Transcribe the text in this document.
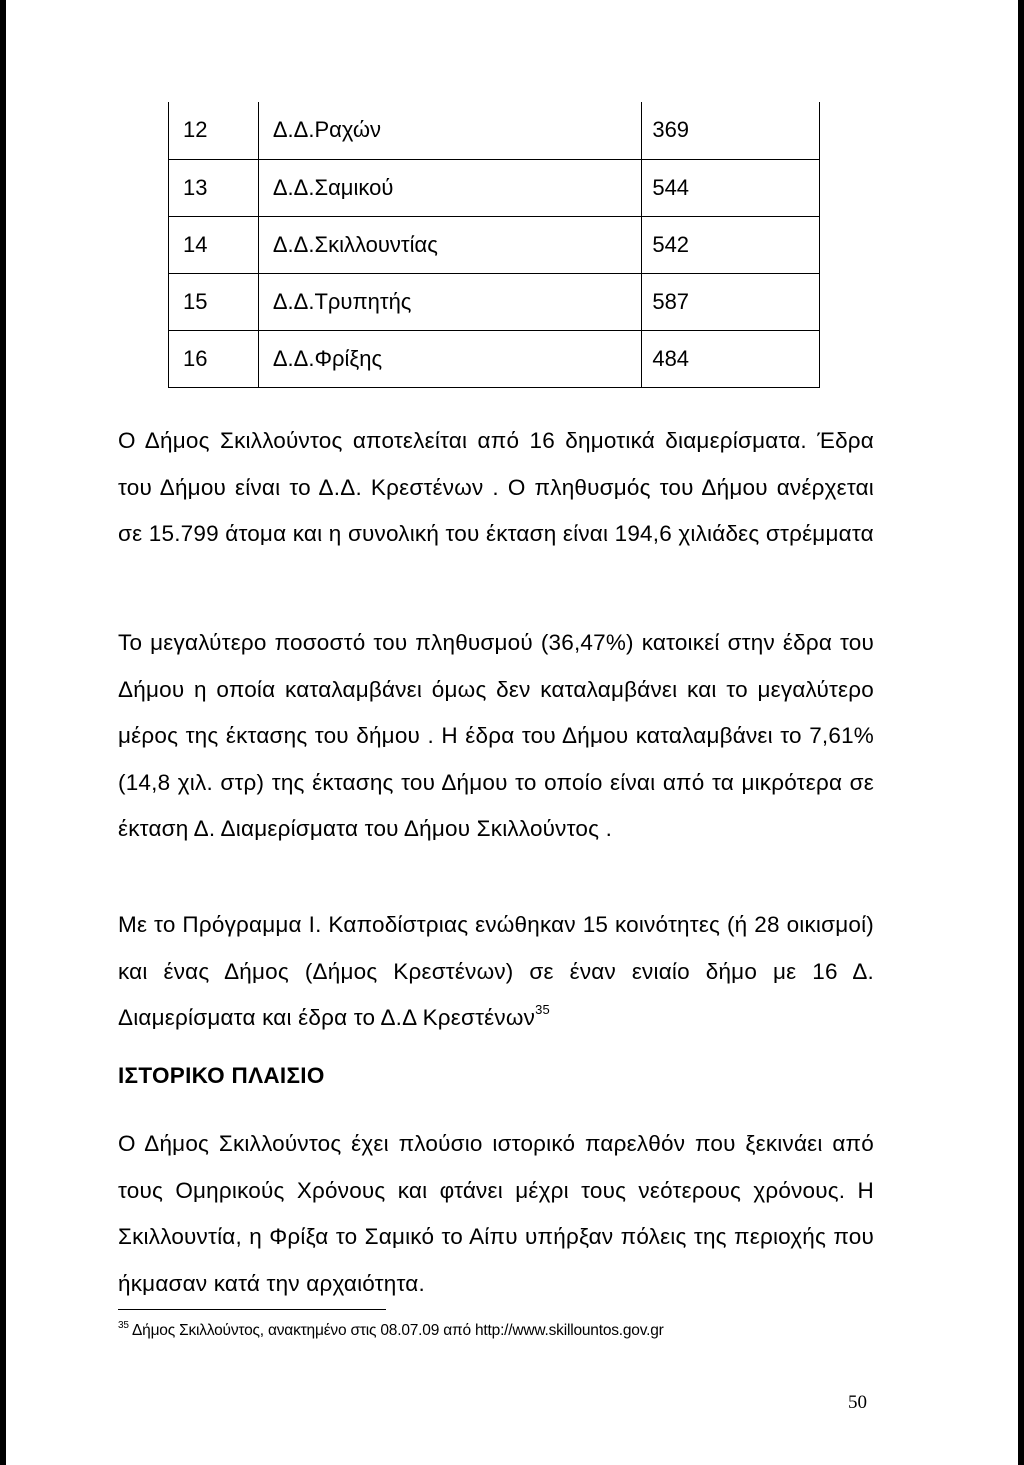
12	Δ.Δ.Ραχών	369
13	Δ.Δ.Σαμικού	544
14	Δ.Δ.Σκιλλουντίας	542
15	Δ.Δ.Τρυπητής	587
16	Δ.Δ.Φρίξης	484

Ο Δήμος Σκιλλούντος αποτελείται από 16 δημοτικά διαμερίσματα. Έδρα του Δήμου είναι το Δ.Δ. Κρεστένων . Ο πληθυσμός του Δήμου ανέρχεται σε 15.799 άτομα και η συνολική του έκταση είναι 194,6 χιλιάδες στρέμματα

Το μεγαλύτερο ποσοστό του πληθυσμού (36,47%) κατοικεί στην έδρα του Δήμου η οποία καταλαμβάνει όμως δεν καταλαμβάνει και το μεγαλύτερο μέρος της έκτασης του δήμου . Η έδρα του Δήμου καταλαμβάνει το 7,61% (14,8 χιλ. στρ) της έκτασης του Δήμου το οποίο είναι από τα μικρότερα σε έκταση Δ. Διαμερίσματα του Δήμου Σκιλλούντος .

Με το Πρόγραμμα Ι. Καποδίστριας ενώθηκαν 15 κοινότητες (ή 28 οικισμοί) και ένας Δήμος (Δήμος Κρεστένων) σε έναν ενιαίο δήμο με 16 Δ. Διαμερίσματα και έδρα το Δ.Δ Κρεστένων$^{35}$

ΙΣΤΟΡΙΚΟ ΠΛΑΙΣΙΟ

Ο Δήμος Σκιλλούντος έχει πλούσιο ιστορικό παρελθόν που ξεκινάει από τους Ομηρικούς Χρόνους και φτάνει μέχρι τους νεότερους χρόνους. Η Σκιλλουντία, η Φρίξα το Σαμικό το Αίπυ υπήρξαν πόλεις της περιοχής που ήκμασαν κατά την αρχαιότητα.

$^{35}$ Δήμος Σκιλλούντος, ανακτημένο στις 08.07.09 από http://www.skillountos.gov.gr

50
